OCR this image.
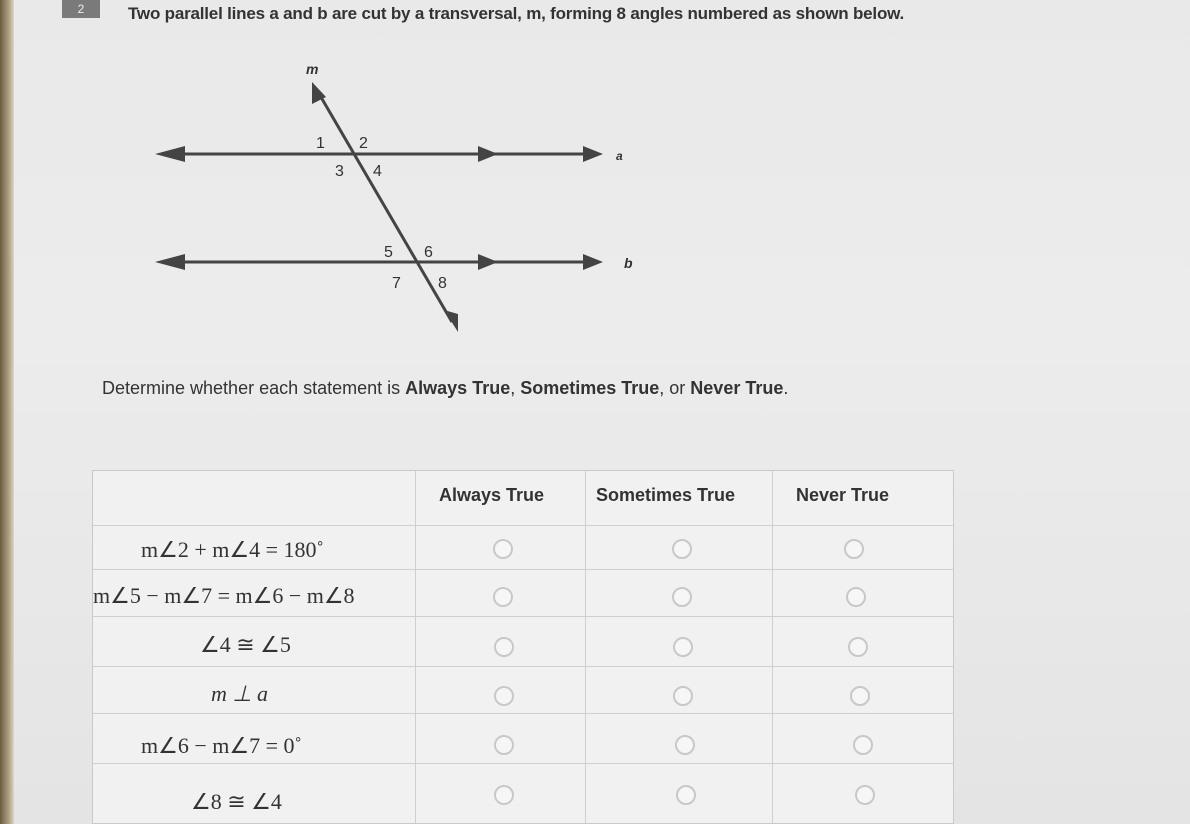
2	Two parallel lines a and b are cut by a transversal, m, forming 8 angles numbered as shown below.
m
a
b
1 2
3 4
5 6
7 8
Determine whether each statement is Always True, Sometimes True, or Never True.
Always True	Sometimes True	Never True
m∠2 + m∠4 = 180˚
m∠5 − m∠7 = m∠6 − m∠8
∠4 ≅ ∠5
m ⊥ a
m∠6 − m∠7 = 0˚
∠8 ≅ ∠4
